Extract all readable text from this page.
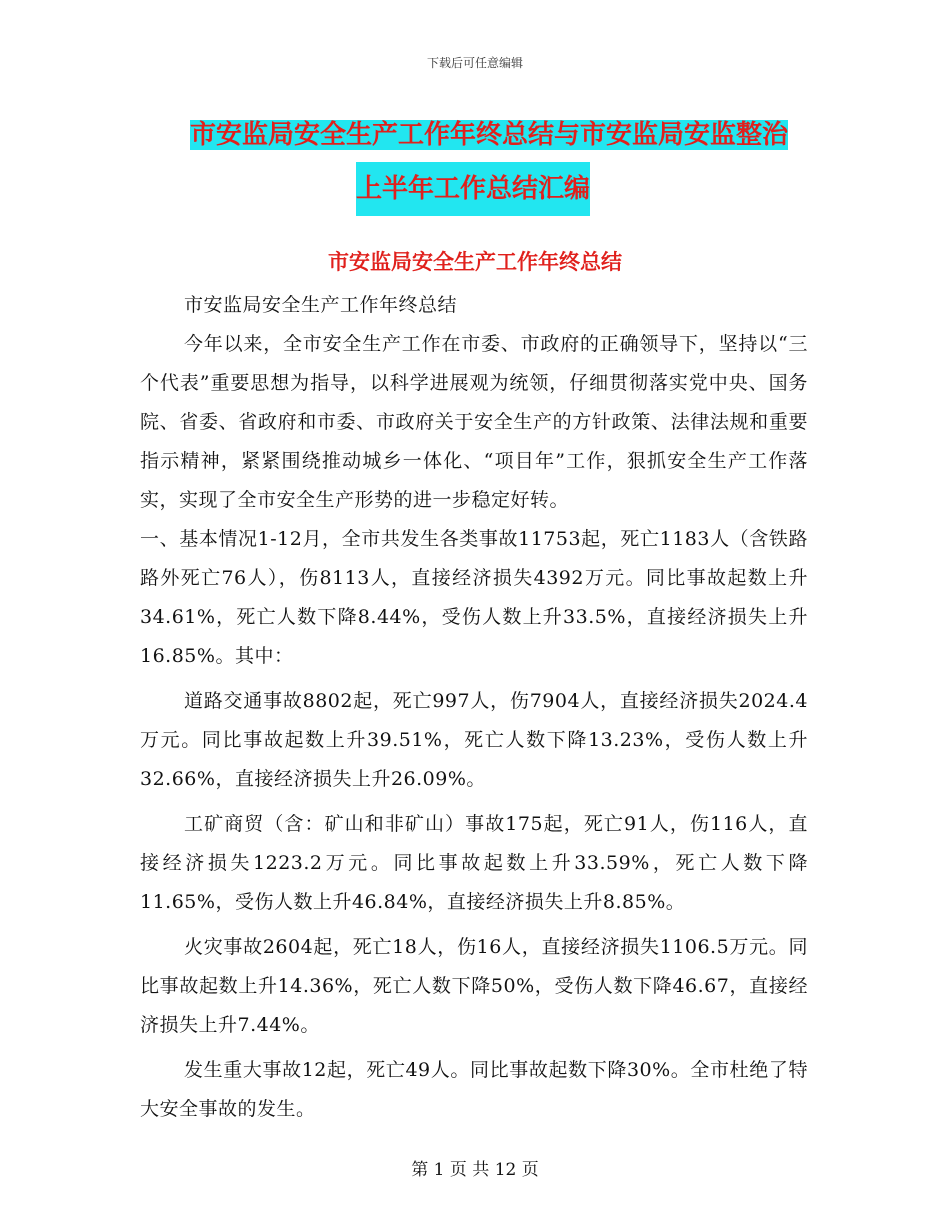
下载后可任意编辑
市安监局安全生产工作年终总结与市安监局安监整治
上半年工作总结汇编
市安监局安全生产工作年终总结

市安监局安全生产工作年终总结

今年以来，全市安全生产工作在市委、市政府的正确领导下，坚持以“三个代表”重要思想为指导，以科学进展观为统领，仔细贯彻落实党中央、国务院、省委、省政府和市委、市政府关于安全生产的方针政策、法律法规和重要指示精神，紧紧围绕推动城乡一体化、“项目年”工作，狠抓安全生产工作落实，实现了全市安全生产形势的进一步稳定好转。

一、基本情况1-12月，全市共发生各类事故11753起，死亡1183人（含铁路路外死亡76人），伤8113人，直接经济损失4392万元。同比事故起数上升34.61%，死亡人数下降8.44%，受伤人数上升33.5%，直接经济损失上升16.85%。其中：

道路交通事故8802起，死亡997人，伤7904人，直接经济损失2024.4万元。同比事故起数上升39.51%，死亡人数下降13.23%，受伤人数上升32.66%，直接经济损失上升26.09%。

工矿商贸（含：矿山和非矿山）事故175起，死亡91人，伤116人，直接经济损失1223.2万元。同比事故起数上升33.59%，死亡人数下降11.65%，受伤人数上升46.84%，直接经济损失上升8.85%。

火灾事故2604起，死亡18人，伤16人，直接经济损失1106.5万元。同比事故起数上升14.36%，死亡人数下降50%，受伤人数下降46.67，直接经济损失上升7.44%。

发生重大事故12起，死亡49人。同比事故起数下降30%。全市杜绝了特大安全事故的发生。

第 1 页 共 12 页
